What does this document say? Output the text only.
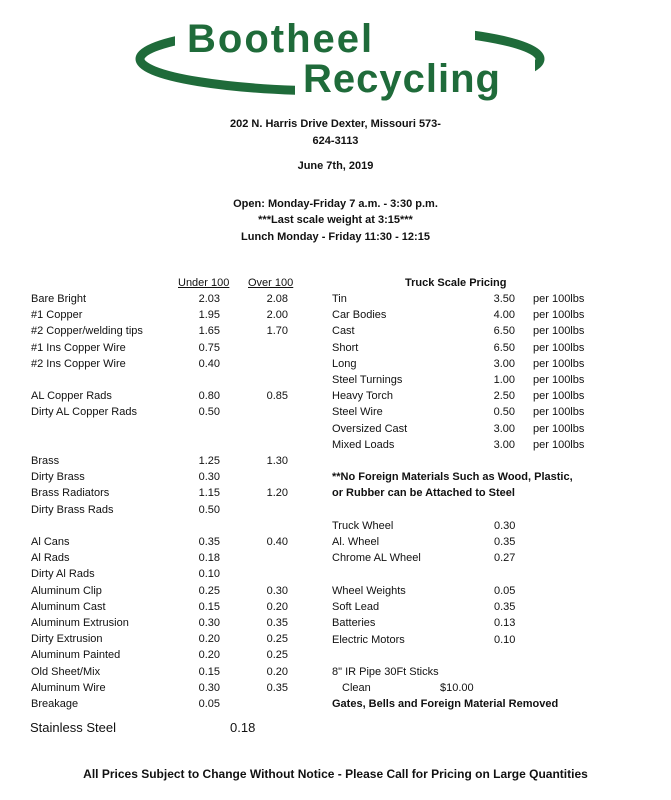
Bootheel
Recycling
202 N. Harris Drive Dexter, Missouri 573-
624-3113
June 7th, 2019
Open: Monday-Friday 7 a.m. - 3:30 p.m.
***Last scale weight at 3:15***
Lunch Monday - Friday 11:30 - 12:15
Under 100 Over 100	Truck Scale Pricing
Bare Bright	2.03	2.08
#1 Copper	1.95	2.00
#2 Copper/welding tips	1.65	1.70
#1 Ins Copper Wire	0.75
#2 Ins Copper Wire	0.40
AL Copper Rads	0.80	0.85
Dirty AL Copper Rads	0.50
Brass	1.25	1.30
Dirty Brass	0.30
Brass Radiators	1.15	1.20
Dirty Brass Rads	0.50
Al Cans	0.35	0.40
Al Rads	0.18
Dirty Al Rads	0.10
Aluminum Clip	0.25	0.30
Aluminum Cast	0.15	0.20
Aluminum Extrusion	0.30	0.35
Dirty Extrusion	0.20	0.25
Aluminum Painted	0.20	0.25
Old Sheet/Mix	0.15	0.20
Aluminum Wire	0.30	0.35
Breakage	0.05
Tin	3.50 per 100lbs
Car Bodies	4.00 per 100lbs
Cast	6.50 per 100lbs
Short	6.50 per 100lbs
Long	3.00 per 100lbs
Steel Turnings	1.00 per 100lbs
Heavy Torch	2.50 per 100lbs
Steel Wire	0.50 per 100lbs
Oversized Cast	3.00 per 100lbs
Mixed Loads	3.00 per 100lbs
**No Foreign Materials Such as Wood, Plastic,
or Rubber can be Attached to Steel
Truck Wheel	0.30
Al. Wheel	0.35
Chrome AL Wheel	0.27
Wheel Weights	0.05
Soft Lead	0.35
Batteries	0.13
Electric Motors	0.10
8" IR Pipe 30Ft Sticks
Clean	$10.00
Gates, Bells and Foreign Material Removed
Stainless Steel	0.18
All Prices Subject to Change Without Notice - Please Call for Pricing on Large Quantities
